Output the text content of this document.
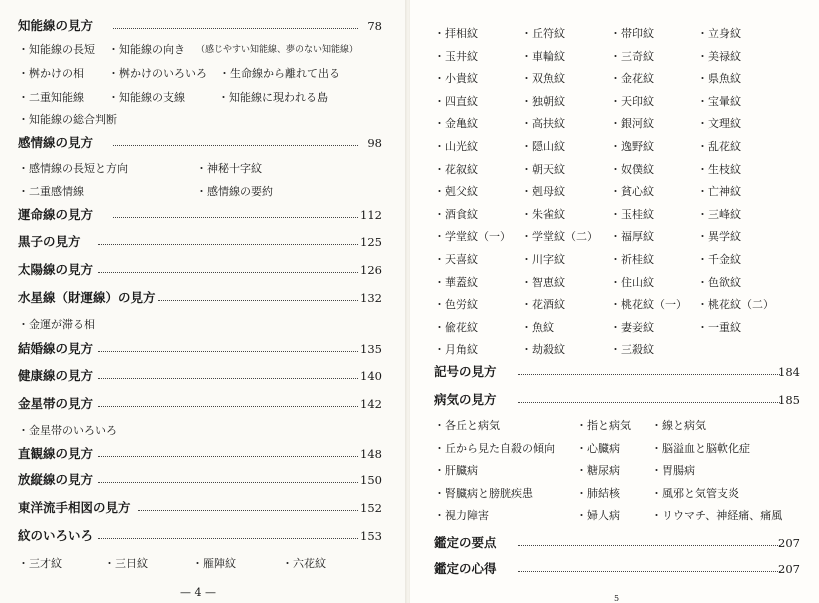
知能線の見方	78
・知能線の長短 ・知能線の向き （感じやすい知能線、夢のない知能線）
・桝かけの相 ・桝かけのいろいろ ・生命線から離れて出る
・二重知能線 ・知能線の支線	・知能線に現われる島
・知能線の総合判断
感情線の見方	98
・感情線の長短と方向	・神秘十字紋
・二重感情線	・感情線の要約
運命線の見方	112
黒子の見方	125
太陽線の見方	126
水星線（財運線）の見方	132
・金運が滞る相
結婚線の見方	135
健康線の見方	140
金星帯の見方	142
・金星帯のいろいろ
直観線の見方	148
放縦線の見方	150
東洋流手相図の見方	152
紋のいろいろ	153
・三才紋	・三日紋	・雁陣紋	・六花紋
— 4 —
・拝相紋	・丘符紋	・帯印紋	・立身紋
・玉井紋	・車輪紋	・三奇紋	・美禄紋
・小貴紋	・双魚紋	・金花紋	・県魚紋
・四直紋	・独朝紋	・天印紋	・宝暈紋
・金亀紋	・高扶紋	・銀河紋	・文理紋
・山光紋	・隠山紋	・逸野紋	・乱花紋
・花叙紋	・朝天紋	・奴僕紋	・生枝紋
・剋父紋	・剋母紋	・貧心紋	・亡神紋
・酒食紋	・朱雀紋	・玉桂紋	・三峰紋
・学堂紋（一） ・学堂紋（二） ・福厚紋	・異学紋
・天喜紋	・川字紋	・祈桂紋	・千金紋
・華蓋紋	・智恵紋	・住山紋	・色欲紋
・色労紋	・花酒紋	・桃花紋（一） ・桃花紋（二）
・偸花紋	・魚紋	・妻妾紋	・一重紋
・月角紋	・劫殺紋	・三殺紋
記号の見方	184
病気の見方	185
・各丘と病気	・指と病気 ・線と病気
・丘から見た自殺の傾向 ・心臓病	・脳溢血と脳軟化症
・肝臓病	・糖尿病	・胃腸病
・腎臓病と膀胱疾患	・肺結核	・風邪と気管支炎
・視力障害	・婦人病	・リウマチ、神経痛、痛風
鑑定の要点	207
鑑定の心得	207
5
